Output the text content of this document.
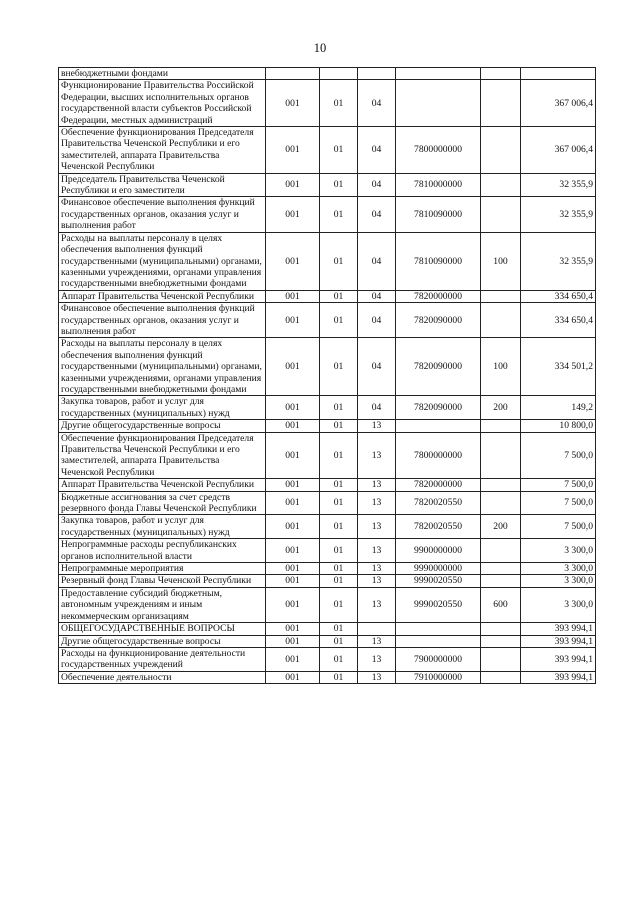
10
внебюджетными фондами						
Функционирование Правительства Российской Федерации, высших исполнительных органов государственной власти субъектов Российской Федерации, местных администраций	001	01	04			367 006,4
Обеспечение функционирования Председателя Правительства Чеченской Республики и его заместителей, аппарата Правительства Чеченской Республики	001	01	04	7800000000		367 006,4
Председатель Правительства Чеченской Республики и его заместители	001	01	04	7810000000		32 355,9
Финансовое обеспечение выполнения функций государственных органов, оказания услуг и выполнения работ	001	01	04	7810090000		32 355,9
Расходы на выплаты персоналу в целях обеспечения выполнения функций государственными (муниципальными) органами, казенными учреждениями, органами управления государственными внебюджетными фондами	001	01	04	7810090000	100	32 355,9
Аппарат Правительства Чеченской Республики	001	01	04	7820000000		334 650,4
Финансовое обеспечение выполнения функций государственных органов, оказания услуг и выполнения работ	001	01	04	7820090000		334 650,4
Расходы на выплаты персоналу в целях обеспечения выполнения функций государственными (муниципальными) органами, казенными учреждениями, органами управления государственными внебюджетными фондами	001	01	04	7820090000	100	334 501,2
Закупка товаров, работ и услуг для государственных (муниципальных) нужд	001	01	04	7820090000	200	149,2
Другие общегосударственные вопросы	001	01	13			10 800,0
Обеспечение функционирования Председателя Правительства Чеченской Республики и его заместителей, аппарата Правительства Чеченской Республики	001	01	13	7800000000		7 500,0
Аппарат Правительства Чеченской Республики	001	01	13	7820000000		7 500,0
Бюджетные ассигнования за счет средств резервного фонда Главы Чеченской Республики	001	01	13	7820020550		7 500,0
Закупка товаров, работ и услуг для государственных (муниципальных) нужд	001	01	13	7820020550	200	7 500,0
Непрограммные расходы республиканских органов исполнительной власти	001	01	13	9900000000		3 300,0
Непрограммные мероприятия	001	01	13	9990000000		3 300,0
Резервный фонд Главы Чеченской Республики	001	01	13	9990020550		3 300,0
Предоставление субсидий бюджетным, автономным учреждениям и иным некоммерческим организациям	001	01	13	9990020550	600	3 300,0
ОБЩЕГОСУДАРСТВЕННЫЕ ВОПРОСЫ	001	01				393 994,1
Другие общегосударственные вопросы	001	01	13			393 994,1
Расходы на функционирование деятельности государственных учреждений	001	01	13	7900000000		393 994,1
Обеспечение деятельности	001	01	13	7910000000		393 994,1
